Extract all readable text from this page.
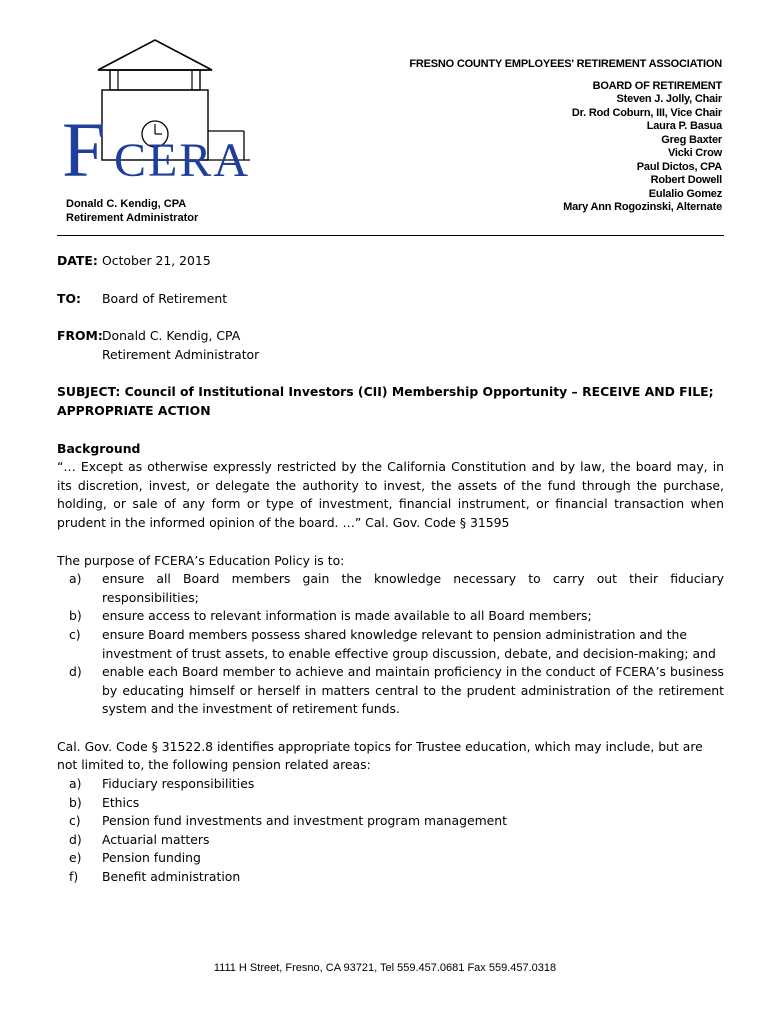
F CERA
FRESNO COUNTY EMPLOYEES' RETIREMENT ASSOCIATION
BOARD OF RETIREMENT
Steven J. Jolly, Chair
Dr. Rod Coburn, III, Vice Chair
Laura P. Basua
Greg Baxter
Vicki Crow
Paul Dictos, CPA
Robert Dowell
Eulalio Gomez
Mary Ann Rogozinski, Alternate
Donald C. Kendig, CPA
Retirement Administrator
DATE: October 21, 2015
TO:	Board of Retirement
FROM: Donald C. Kendig, CPA
Retirement Administrator

SUBJECT: Council of Institutional Investors (CII) Membership Opportunity – RECEIVE AND FILE;

APPROPRIATE ACTION

Background

“… Except as otherwise expressly restricted by the California Constitution and by law, the board may, in its discretion, invest, or delegate the authority to invest, the assets of the fund through the purchase, holding, or sale of any form or type of investment, financial instrument, or financial transaction when prudent in the informed opinion of the board. …” Cal. Gov. Code § 31595

The purpose of FCERA’s Education Policy is to:

a)	ensure all Board members gain the knowledge necessary to carry out their fiduciary responsibilities;
b)	ensure access to relevant information is made available to all Board members;
c)	ensure Board members possess shared knowledge relevant to pension administration and the investment of trust assets, to enable effective group discussion, debate, and decision-making; and
d)	enable each Board member to achieve and maintain proficiency in the conduct of FCERA’s business by educating himself or herself in matters central to the prudent administration of the retirement system and the investment of retirement funds.

Cal. Gov. Code § 31522.8 identifies appropriate topics for Trustee education, which may include, but are not limited to, the following pension related areas:

a)	Fiduciary responsibilities
b)	Ethics
c)	Pension fund investments and investment program management
d)	Actuarial matters
e)	Pension funding
f)	Benefit administration
1111 H Street, Fresno, CA 93721, Tel 559.457.0681 Fax 559.457.0318
